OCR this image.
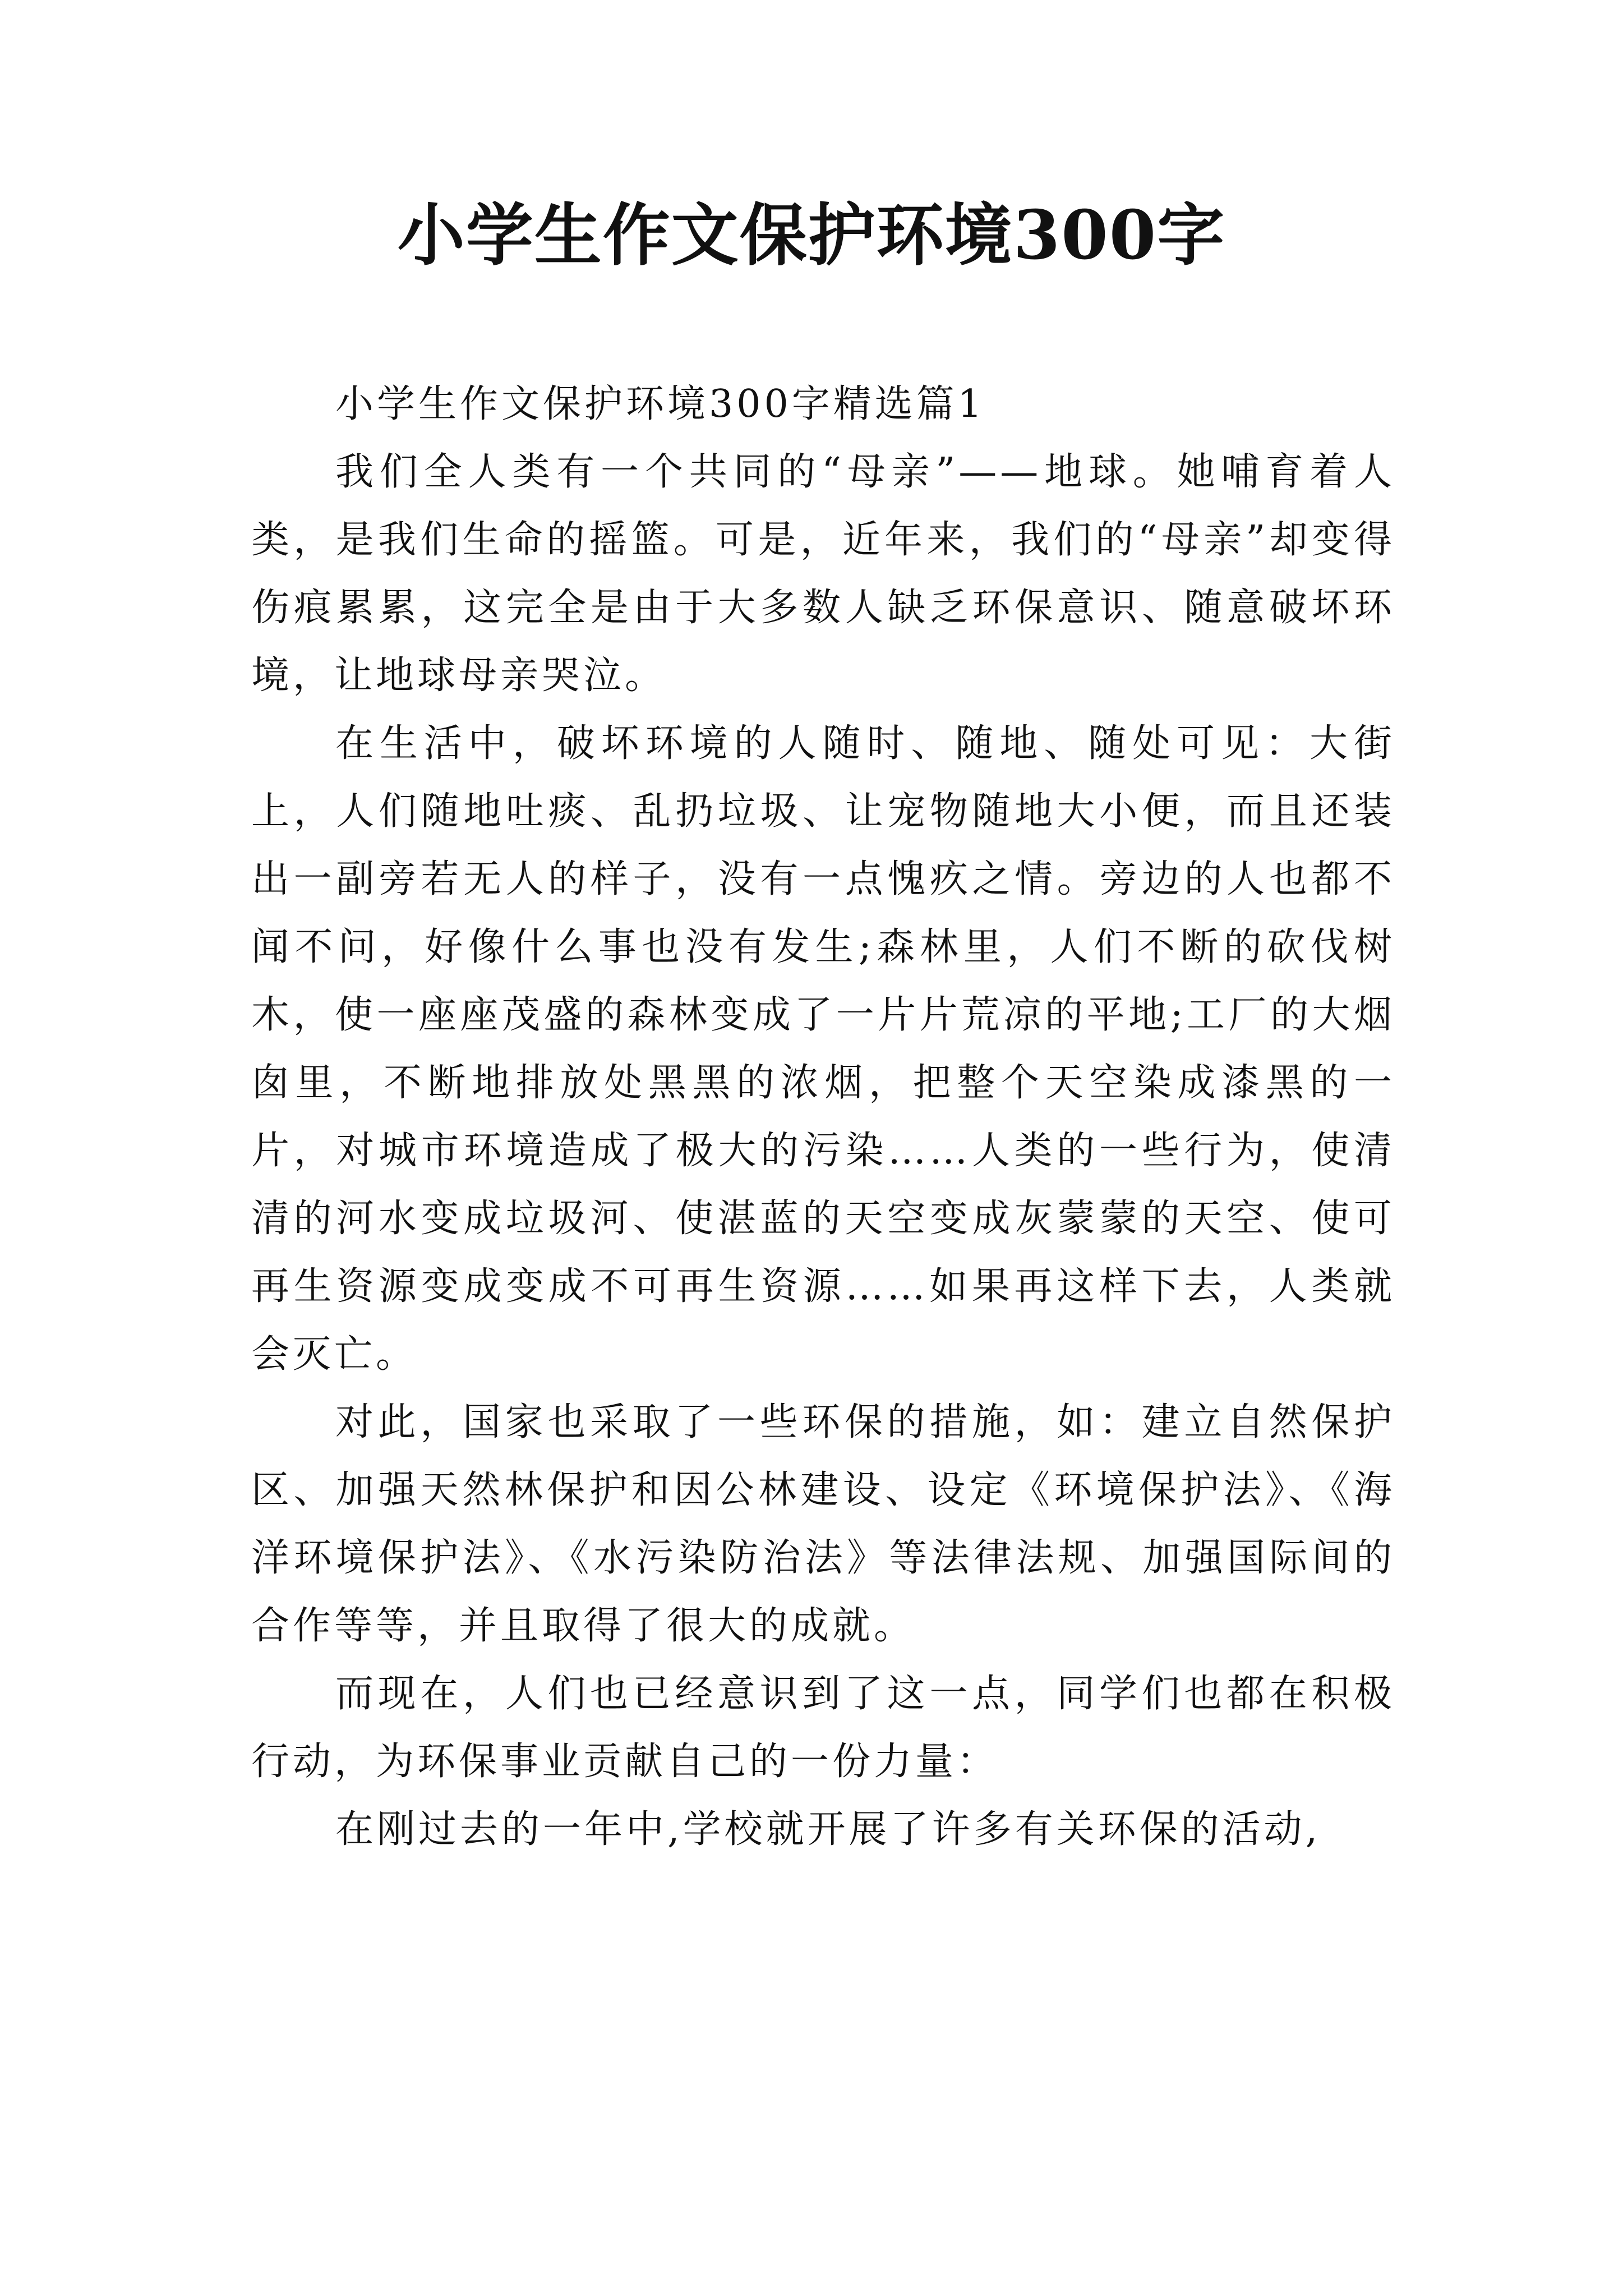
小学生作文保护环境300字

小学生作文保护环境300字精选篇1

我们全人类有一个共同的“母亲”——地球。她哺育着人类，是我们生命的摇篮。可是，近年来，我们的“母亲”却变得伤痕累累，这完全是由于大多数人缺乏环保意识、随意破坏环境，让地球母亲哭泣。

在生活中，破坏环境的人随时、随地、随处可见：大街上，人们随地吐痰、乱扔垃圾、让宠物随地大小便，而且还装出一副旁若无人的样子，没有一点愧疚之情。旁边的人也都不闻不问，好像什么事也没有发生;森林里，人们不断的砍伐树木，使一座座茂盛的森林变成了一片片荒凉的平地;工厂的大烟囱里，不断地排放处黑黑的浓烟，把整个天空染成漆黑的一片，对城市环境造成了极大的污染……人类的一些行为，使清清的河水变成垃圾河、使湛蓝的天空变成灰蒙蒙的天空、使可再生资源变成变成不可再生资源……如果再这样下去，人类就会灭亡。

对此，国家也采取了一些环保的措施，如：建立自然保护区、加强天然林保护和因公林建设、设定《环境保护法》、《海洋环境保护法》、《水污染防治法》等法律法规、加强国际间的合作等等，并且取得了很大的成就。

而现在，人们也已经意识到了这一点，同学们也都在积极行动，为环保事业贡献自己的一份力量：

在刚过去的一年中,学校就开展了许多有关环保的活动,
